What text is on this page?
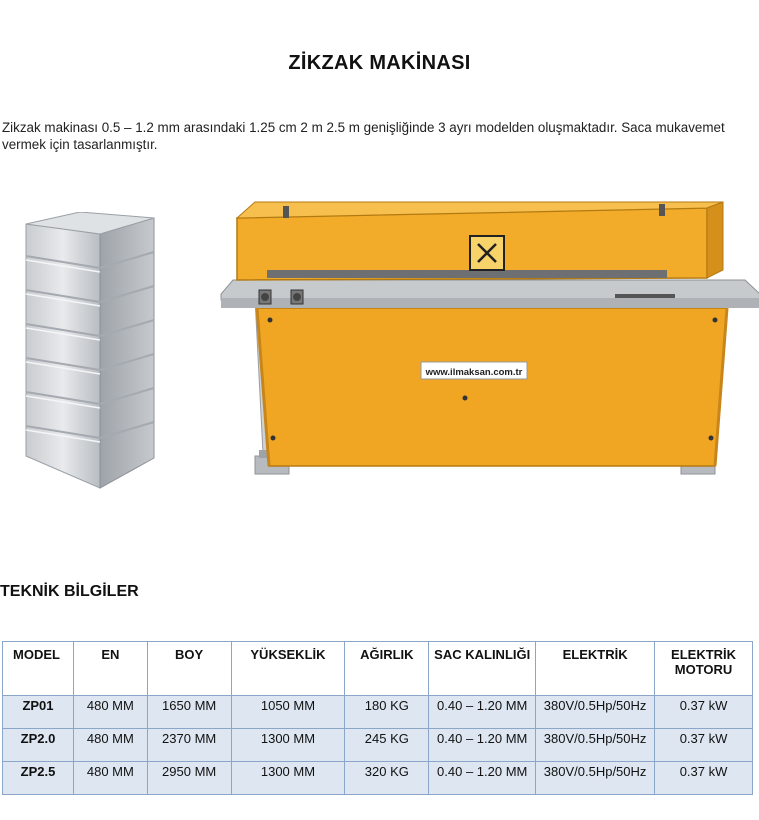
ZİKZAK MAKİNASI
Zikzak makinası 0.5 – 1.2 mm arasındaki 1.25 cm 2 m 2.5 m genişliğinde 3 ayrı modelden oluşmaktadır. Saca mukavemet vermek için tasarlanmıştır.
www.ilmaksan.com.tr
TEKNİK BİLGİLER
MODEL	EN	BOY	YÜKSEKLİK	AĞIRLIK	SAC KALINLIĞI	ELEKTRİK	ELEKTRİK MOTORU
ZP01	480 MM	1650 MM	1050 MM	180 KG	0.40 – 1.20 MM	380V/0.5Hp/50Hz	0.37 kW
ZP2.0	480 MM	2370 MM	1300 MM	245 KG	0.40 – 1.20 MM	380V/0.5Hp/50Hz	0.37 kW
ZP2.5	480 MM	2950 MM	1300 MM	320 KG	0.40 – 1.20 MM	380V/0.5Hp/50Hz	0.37 kW
